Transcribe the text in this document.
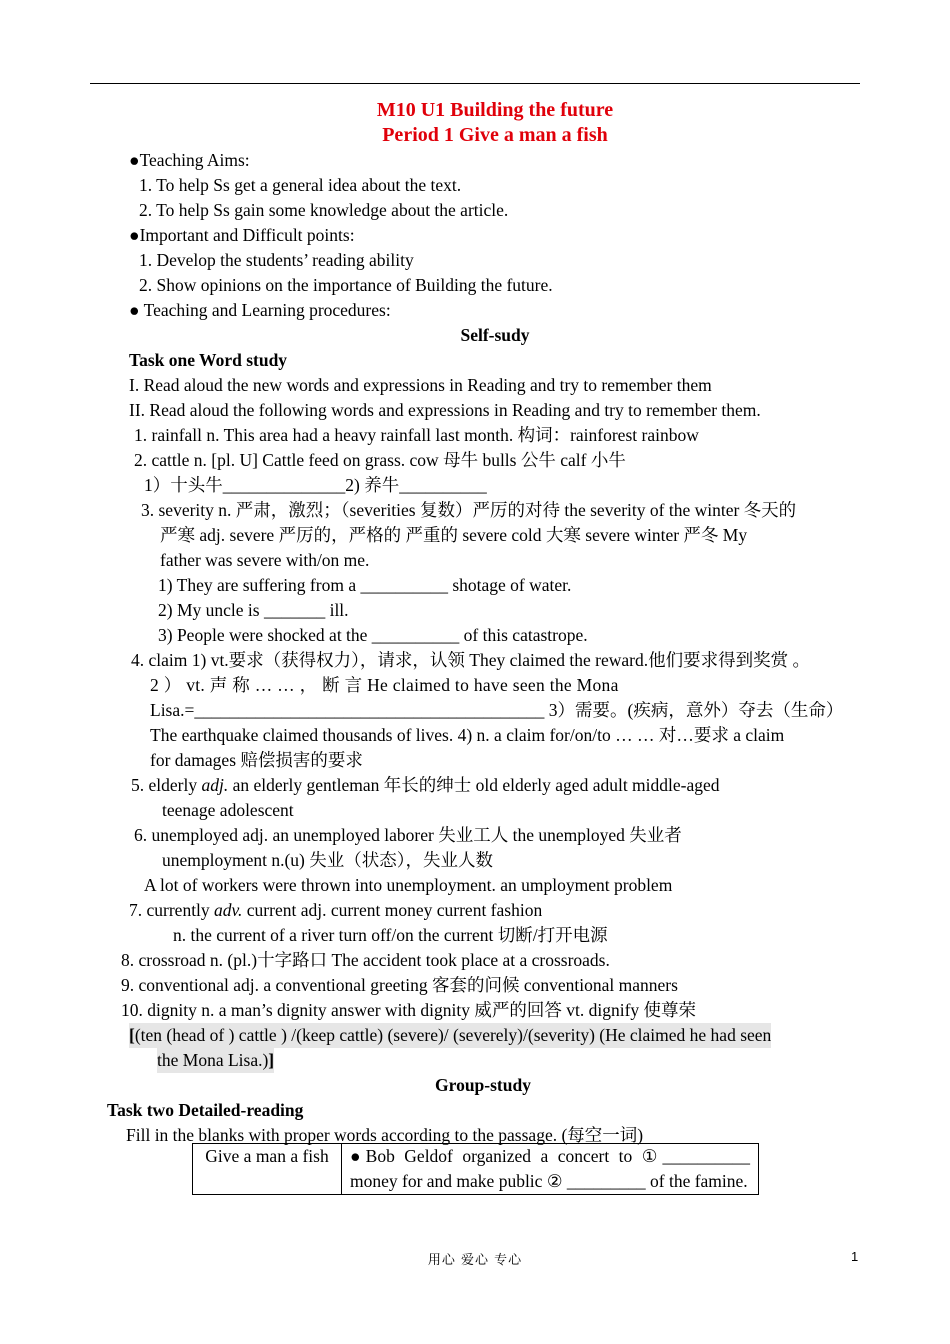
M10 U1 Building the future
Period 1 Give a man a fish
●Teaching Aims:
1. To help Ss get a general idea about the text.
2. To help Ss gain some knowledge about the article.
●Important and Difficult points:
1. Develop the students’ reading ability
2. Show opinions on the importance of Building the future.
● Teaching and Learning procedures:
Self-sudy
Task one Word study
I. Read aloud the new words and expressions in Reading and try to remember them
II. Read aloud the following words and expressions in Reading and try to remember them.
1. rainfall n. This area had a heavy rainfall last month. 构词：rainforest rainbow
2. cattle n. [pl. U] Cattle feed on grass. cow 母牛 bulls 公牛 calf 小牛
1）十头牛______________2) 养牛__________
3. severity n. 严肃，激烈；（severities 复数）严厉的对待 the severity of the winter 冬天的
严寒 adj. severe 严厉的，严格的 严重的 severe cold 大寒 severe winter 严冬 My
father was severe with/on me.
1) They are suffering from a __________ shotage of water.
2) My uncle is _______ ill.
3) People were shocked at the __________ of this catastrope.
4. claim 1) vt.要求（获得权力），请求，认领 They claimed the reward.他们要求得到奖赏 。
2 ） vt. 声 称 … … ， 断 言 He claimed to have seen the Mona
Lisa.=________________________________________ 3）需要。(疾病，意外）夺去（生命）
The earthquake claimed thousands of lives. 4) n. a claim for/on/to … … 对…要求 a claim
for damages 赔偿损害的要求
5. elderly adj. an elderly gentleman 年长的绅士 old elderly aged adult middle-aged
teenage adolescent
6. unemployed adj. an unemployed laborer 失业工人 the unemployed 失业者
unemployment n.(u) 失业（状态），失业人数
A lot of workers were thrown into unemployment. an umployment problem
7. currently adv. current adj. current money current fashion
n. the current of a river turn off/on the current 切断/打开电源
8. crossroad n. (pl.)十字路口 The accident took place at a crossroads.
9. conventional adj. a conventional greeting 客套的问候 conventional manners
10. dignity n. a man’s dignity answer with dignity 威严的回答 vt. dignify 使尊荣
[(ten (head of ) cattle ) /(keep cattle) (severe)/ (severely)/(severity) (He claimed he had seen
the Mona Lisa.)]
Group-study
Task two Detailed-reading
Fill in the blanks with proper words according to the passage. (每空一词)
Give a man a fish	●Bob Geldof organized a concert to ①__________ money for and make public ② _________ of the famine.
用心 爱心 专心	1
